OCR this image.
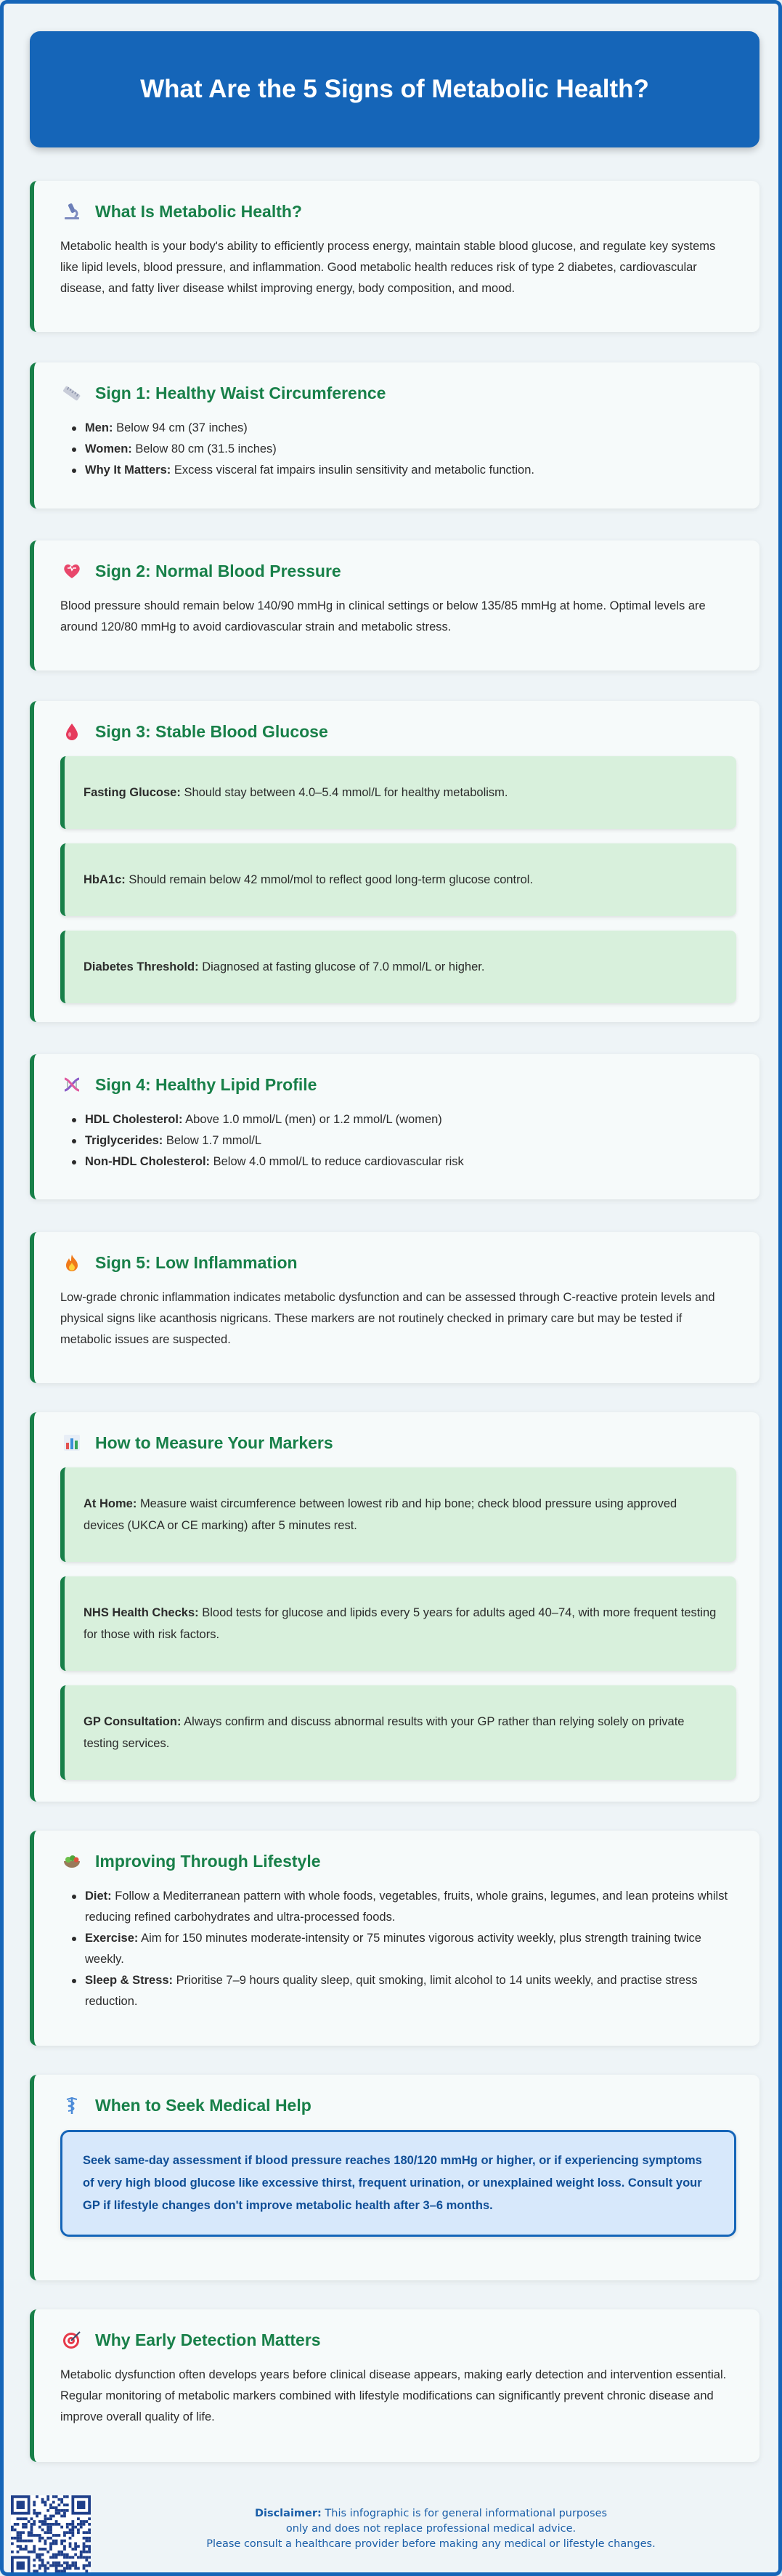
What Are the 5 Signs of Metabolic Health?
What Is Metabolic Health?

Metabolic health is your body's ability to efficiently process energy, maintain stable blood glucose, and regulate key systems like lipid levels, blood pressure, and inflammation. Good metabolic health reduces risk of type 2 diabetes, cardiovascular disease, and fatty liver disease whilst improving energy, body composition, and mood.

Sign 1: Healthy Waist Circumference
Men: Below 94 cm (37 inches)
Women: Below 80 cm (31.5 inches)
Why It Matters: Excess visceral fat impairs insulin sensitivity and metabolic function.
Sign 2: Normal Blood Pressure

Blood pressure should remain below 140/90 mmHg in clinical settings or below 135/85 mmHg at home. Optimal levels are around 120/80 mmHg to avoid cardiovascular strain and metabolic stress.

Sign 3: Stable Blood Glucose

Fasting Glucose: Should stay between 4.0–5.4 mmol/L for healthy metabolism.

HbA1c: Should remain below 42 mmol/mol to reflect good long-term glucose control.

Diabetes Threshold: Diagnosed at fasting glucose of 7.0 mmol/L or higher.

Sign 4: Healthy Lipid Profile
HDL Cholesterol: Above 1.0 mmol/L (men) or 1.2 mmol/L (women)
Triglycerides: Below 1.7 mmol/L
Non-HDL Cholesterol: Below 4.0 mmol/L to reduce cardiovascular risk
Sign 5: Low Inflammation

Low-grade chronic inflammation indicates metabolic dysfunction and can be assessed through C-reactive protein levels and physical signs like acanthosis nigricans. These markers are not routinely checked in primary care but may be tested if metabolic issues are suspected.

How to Measure Your Markers

At Home: Measure waist circumference between lowest rib and hip bone; check blood pressure using approved devices (UKCA or CE marking) after 5 minutes rest.

NHS Health Checks: Blood tests for glucose and lipids every 5 years for adults aged 40–74, with more frequent testing for those with risk factors.

GP Consultation: Always confirm and discuss abnormal results with your GP rather than relying solely on private testing services.

Improving Through Lifestyle
Diet: Follow a Mediterranean pattern with whole foods, vegetables, fruits, whole grains, legumes, and lean proteins whilst reducing refined carbohydrates and ultra-processed foods.
Exercise: Aim for 150 minutes moderate-intensity or 75 minutes vigorous activity weekly, plus strength training twice weekly.
Sleep & Stress: Prioritise 7–9 hours quality sleep, quit smoking, limit alcohol to 14 units weekly, and practise stress reduction.
When to Seek Medical Help

Seek same-day assessment if blood pressure reaches 180/120 mmHg or higher, or if experiencing symptoms of very high blood glucose like excessive thirst, frequent urination, or unexplained weight loss. Consult your GP if lifestyle changes don't improve metabolic health after 3–6 months.

Why Early Detection Matters

Metabolic dysfunction often develops years before clinical disease appears, making early detection and intervention essential. Regular monitoring of metabolic markers combined with lifestyle modifications can significantly prevent chronic disease and improve overall quality of life.

Disclaimer: This infographic is for general informational purposes
only and does not replace professional medical advice.
Please consult a healthcare provider before making any medical or lifestyle changes.
